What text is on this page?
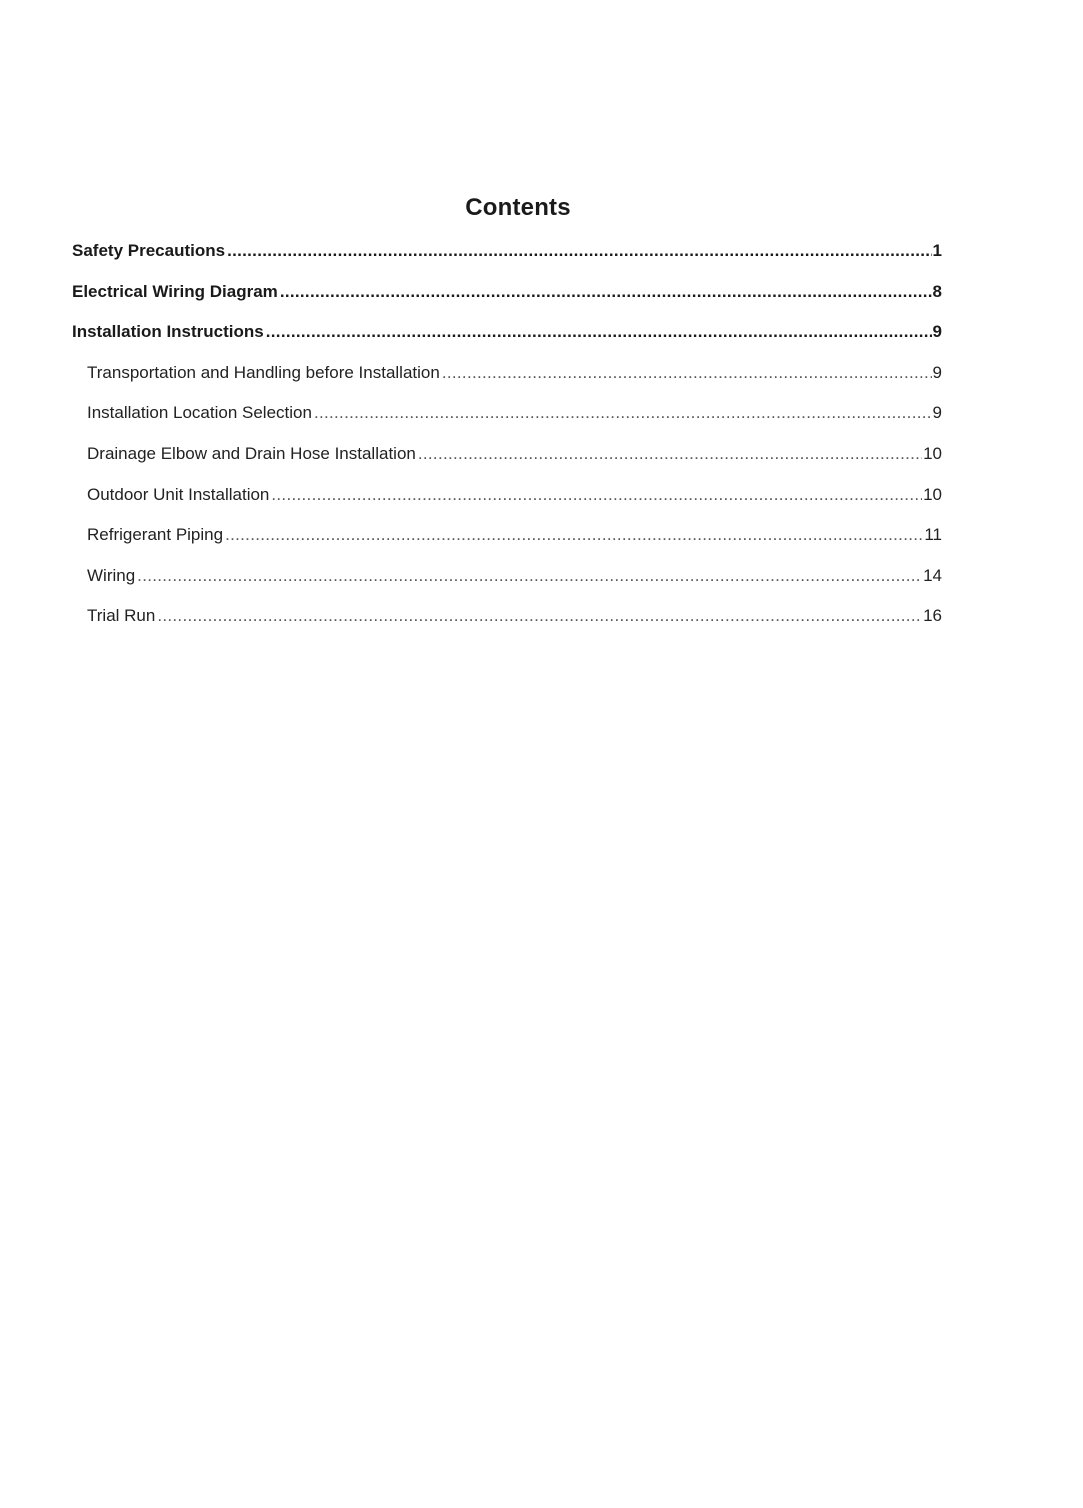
Contents
Safety Precautions .....	1
Electrical Wiring Diagram .....	8
Installation Instructions .....	9
Transportation and Handling before Installation .....	9
Installation Location Selection .....	9
Drainage Elbow and Drain Hose Installation .....	10
Outdoor Unit Installation .....	10
Refrigerant Piping .....	11
Wiring .....	14
Trial Run .....	16
